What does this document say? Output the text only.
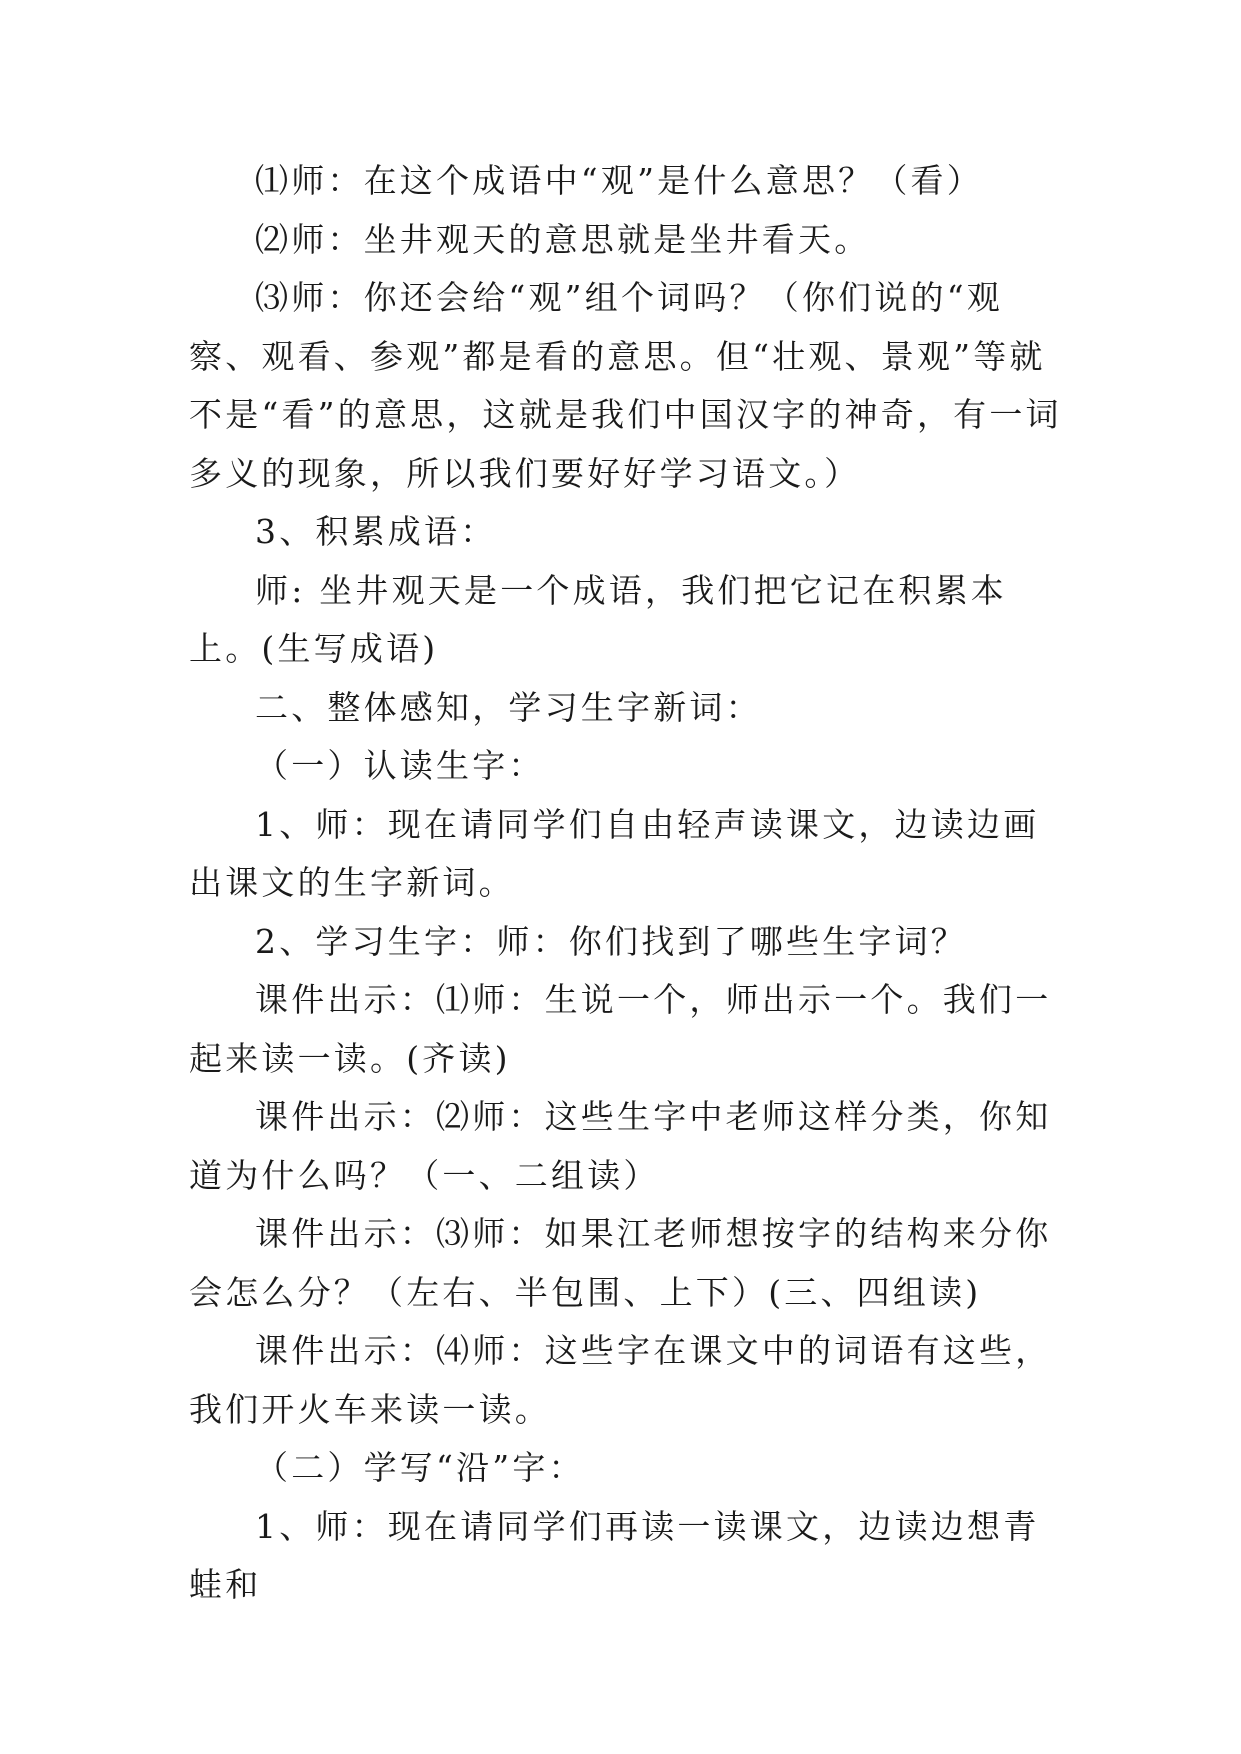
⑴师：在这个成语中“观”是什么意思？（看）

⑵师：坐井观天的意思就是坐井看天。

⑶师：你还会给“观”组个词吗？（你们说的“观察、观看、参观”都是看的意思。但“壮观、景观”等就不是“看”的意思，这就是我们中国汉字的神奇，有一词多义的现象，所以我们要好好学习语文。）

3、积累成语：

师: 坐井观天是一个成语，我们把它记在积累本上。(生写成语)

二、整体感知，学习生字新词：

（一）认读生字：

1、师：现在请同学们自由轻声读课文，边读边画出课文的生字新词。

2、学习生字：师：你们找到了哪些生字词？

课件出示：⑴师：生说一个，师出示一个。我们一起来读一读。(齐读)

课件出示：⑵师：这些生字中老师这样分类，你知道为什么吗？（一、二组读）

课件出示：⑶师：如果江老师想按字的结构来分你会怎么分？（左右、半包围、上下）(三、四组读)

课件出示：⑷师：这些字在课文中的词语有这些，我们开火车来读一读。

（二）学写“沿”字：

1、师：现在请同学们再读一读课文，边读边想青蛙和
